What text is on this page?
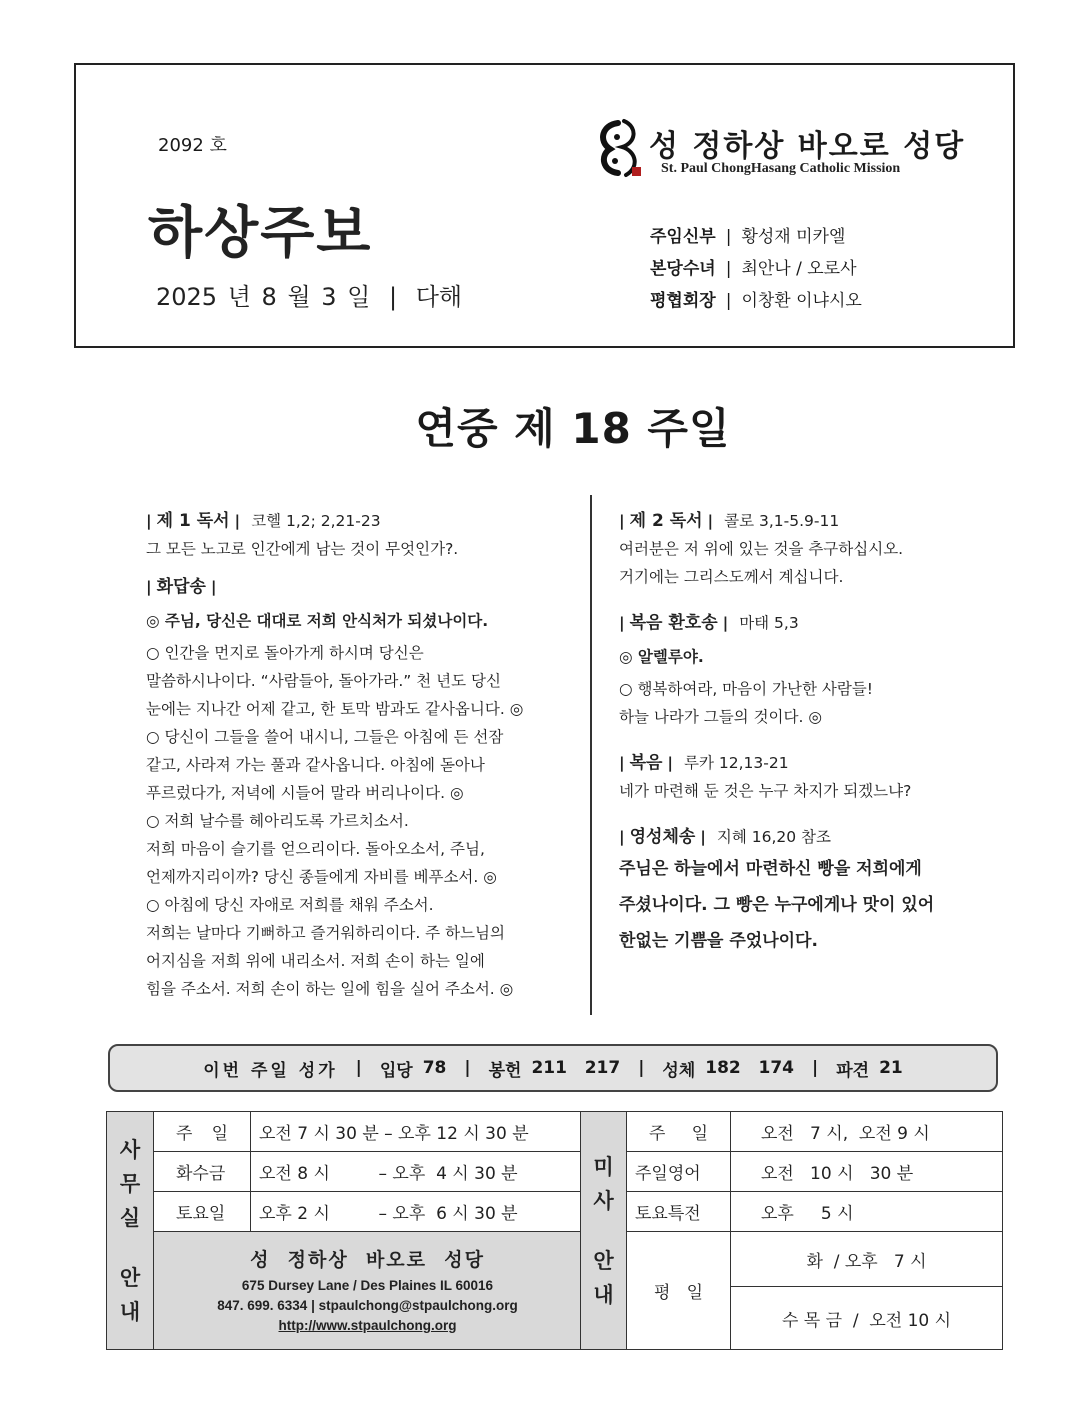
2092 호
하상주보
2025 년 8 월 3 일 | 다해
성 정하상 바오로 성당
St. Paul ChongHasang Catholic Mission
주임신부 | 황성재 미카엘
본당수녀 | 최안나 / 오로사
평협회장 | 이창환 이냐시오
연중 제 18 주일
| 제 1 독서 | 코헬 1,2; 2,21-23
그 모든 노고로 인간에게 남는 것이 무엇인가?.
| 화답송 |
◎ 주님, 당신은 대대로 저희 안식처가 되셨나이다.
○ 인간을 먼지로 돌아가게 하시며 당신은
말씀하시나이다. “사람들아, 돌아가라.” 천 년도 당신
눈에는 지나간 어제 같고, 한 토막 밤과도 같사옵니다. ◎
○ 당신이 그들을 쓸어 내시니, 그들은 아침에 든 선잠
같고, 사라져 가는 풀과 같사옵니다. 아침에 돋아나
푸르렀다가, 저녁에 시들어 말라 버리나이다. ◎
○ 저희 날수를 헤아리도록 가르치소서.
저희 마음이 슬기를 얻으리이다. 돌아오소서, 주님,
언제까지리이까? 당신 종들에게 자비를 베푸소서. ◎
○ 아침에 당신 자애로 저희를 채워 주소서.
저희는 날마다 기뻐하고 즐거워하리이다. 주 하느님의
어지심을 저희 위에 내리소서. 저희 손이 하는 일에
힘을 주소서. 저희 손이 하는 일에 힘을 실어 주소서. ◎
| 제 2 독서 | 콜로 3,1-5.9-11
여러분은 저 위에 있는 것을 추구하십시오.
거기에는 그리스도께서 계십니다.
| 복음 환호송 | 마태 5,3
◎ 알렐루야.
○ 행복하여라, 마음이 가난한 사람들!
하늘 나라가 그들의 것이다. ◎
| 복음 | 루카 12,13-21
네가 마련해 둔 것은 누구 차지가 되겠느냐?
| 영성체송 | 지혜 16,20 참조
주님은 하늘에서 마련하신 빵을 저희에게
주셨나이다. 그 빵은 누구에게나 맛이 있어
한없는 기쁨을 주었나이다.
이번 주일 성가 | 입당 78 | 봉헌 211   217 | 성체 182   174 | 파견 21
사
무
실
안
내	주 일	오전 7 시 30 분 – 오후 12 시 30 분
	화수금	오전 8 시         – 오후  4 시 30 분
	토요일	오후 2 시         – 오후  6 시 30 분

	성  정하상  바오로  성당
675 Dursey Lane / Des Plaines IL 60016
847. 699. 6334 | stpaulchong@stpaulchong.org
http://www.stpaulchong.org	
미
사
안
내	주 일	오전   7 시,  오전 9 시
	주일영어	오전   10 시   30 분
	토요특전	오후     5 시
	평   일	화  / 오후   7 시
		수 목 금  /  오전 10 시
